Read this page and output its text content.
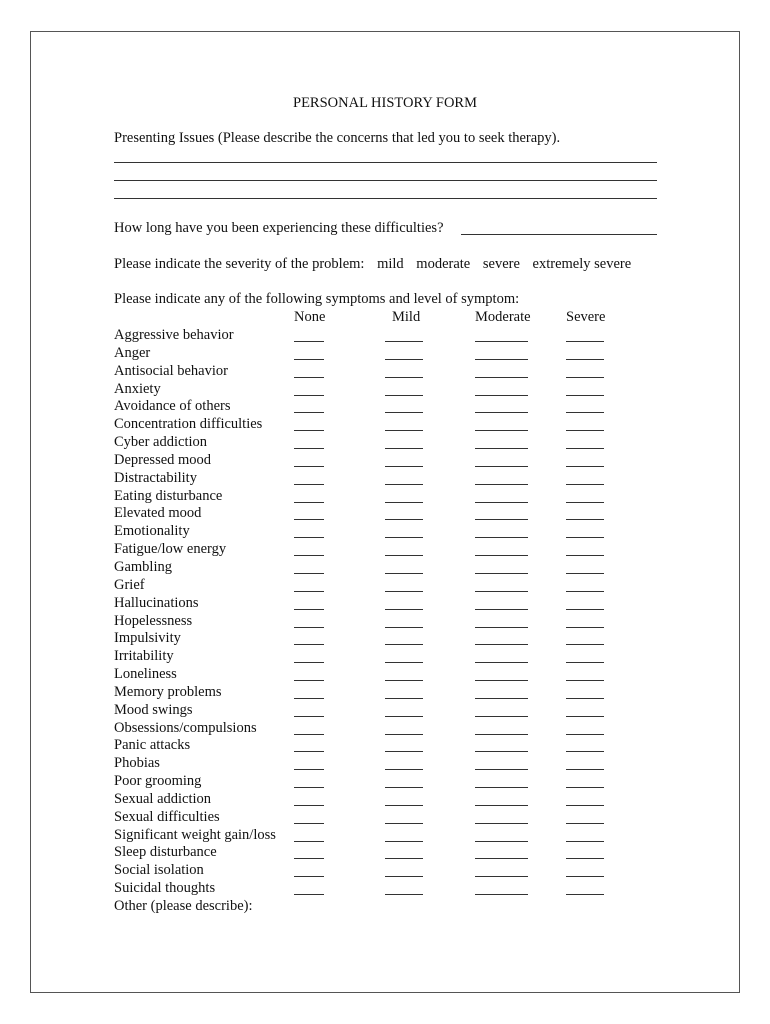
PERSONAL HISTORY FORM
Presenting Issues (Please describe the concerns that led you to seek therapy).
How long have you been experiencing these difficulties?
Please indicate the severity of the problem: mild moderate severe extremely severe
Please indicate any of the following symptoms and level of symptom:
None	Mild	Moderate Severe
Aggressive behavior
Anger
Antisocial behavior
Anxiety
Avoidance of others
Concentration difficulties
Cyber addiction
Depressed mood
Distractability
Eating disturbance
Elevated mood
Emotionality
Fatigue/low energy
Gambling
Grief
Hallucinations
Hopelessness
Impulsivity
Irritability
Loneliness
Memory problems
Mood swings
Obsessions/compulsions
Panic attacks
Phobias
Poor grooming
Sexual addiction
Sexual difficulties
Significant weight gain/loss
Sleep disturbance
Social isolation
Suicidal thoughts
Other (please describe):
